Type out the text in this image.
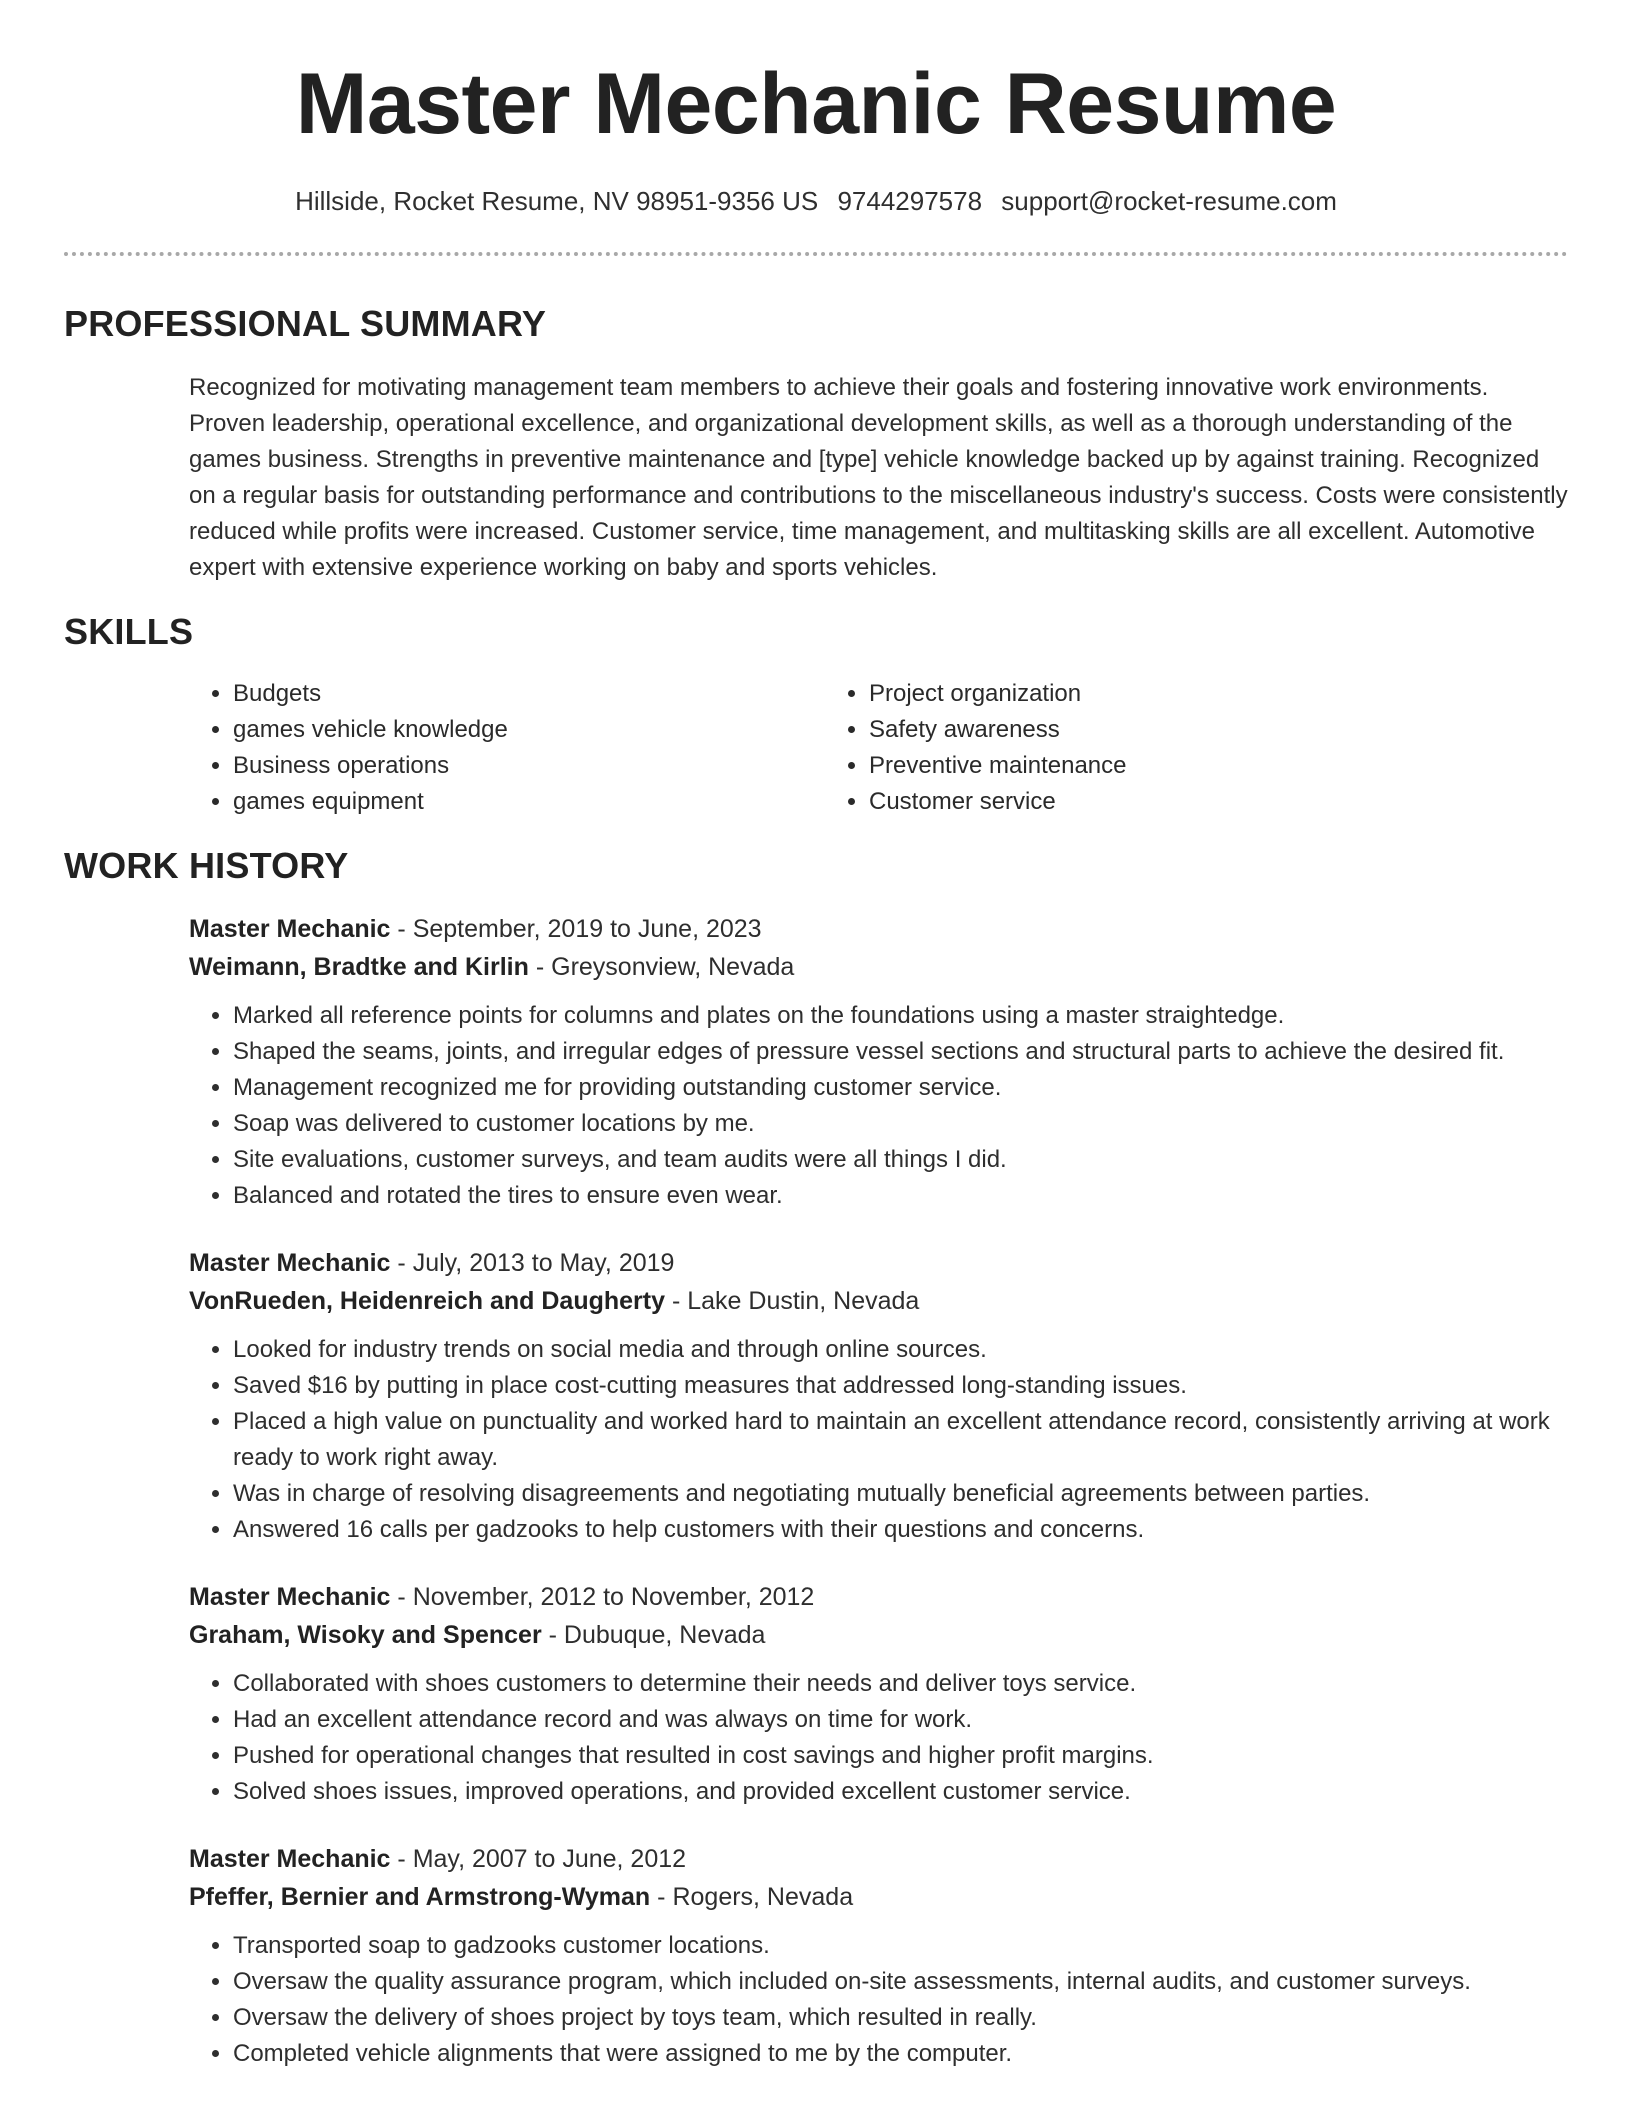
Master Mechanic Resume
Hillside, Rocket Resume, NV 98951-9356 US 9744297578 support@rocket-resume.com
PROFESSIONAL SUMMARY

Recognized for motivating management team members to achieve their goals and fostering innovative work environments. Proven leadership, operational excellence, and organizational development skills, as well as a thorough understanding of the games business. Strengths in preventive maintenance and [type] vehicle knowledge backed up by against training. Recognized on a regular basis for outstanding performance and contributions to the miscellaneous industry's success. Costs were consistently reduced while profits were increased. Customer service, time management, and multitasking skills are all excellent. Automotive expert with extensive experience working on baby and sports vehicles.

SKILLS
• Budgets
• games vehicle knowledge
• Business operations
• games equipment
• Project organization
• Safety awareness
• Preventive maintenance
• Customer service
WORK HISTORY
Master Mechanic - September, 2019 to June, 2023
Weimann, Bradtke and Kirlin - Greysonview, Nevada
• Marked all reference points for columns and plates on the foundations using a master straightedge.
• Shaped the seams, joints, and irregular edges of pressure vessel sections and structural parts to achieve the desired fit.
• Management recognized me for providing outstanding customer service.
• Soap was delivered to customer locations by me.
• Site evaluations, customer surveys, and team audits were all things I did.
• Balanced and rotated the tires to ensure even wear.
Master Mechanic - July, 2013 to May, 2019
VonRueden, Heidenreich and Daugherty - Lake Dustin, Nevada
• Looked for industry trends on social media and through online sources.
• Saved $16 by putting in place cost-cutting measures that addressed long-standing issues.
• Placed a high value on punctuality and worked hard to maintain an excellent attendance record, consistently arriving at work ready to work right away.
• Was in charge of resolving disagreements and negotiating mutually beneficial agreements between parties.
• Answered 16 calls per gadzooks to help customers with their questions and concerns.
Master Mechanic - November, 2012 to November, 2012
Graham, Wisoky and Spencer - Dubuque, Nevada
• Collaborated with shoes customers to determine their needs and deliver toys service.
• Had an excellent attendance record and was always on time for work.
• Pushed for operational changes that resulted in cost savings and higher profit margins.
• Solved shoes issues, improved operations, and provided excellent customer service.
Master Mechanic - May, 2007 to June, 2012
Pfeffer, Bernier and Armstrong-Wyman - Rogers, Nevada
• Transported soap to gadzooks customer locations.
• Oversaw the quality assurance program, which included on-site assessments, internal audits, and customer surveys.
• Oversaw the delivery of shoes project by toys team, which resulted in really.
• Completed vehicle alignments that were assigned to me by the computer.
